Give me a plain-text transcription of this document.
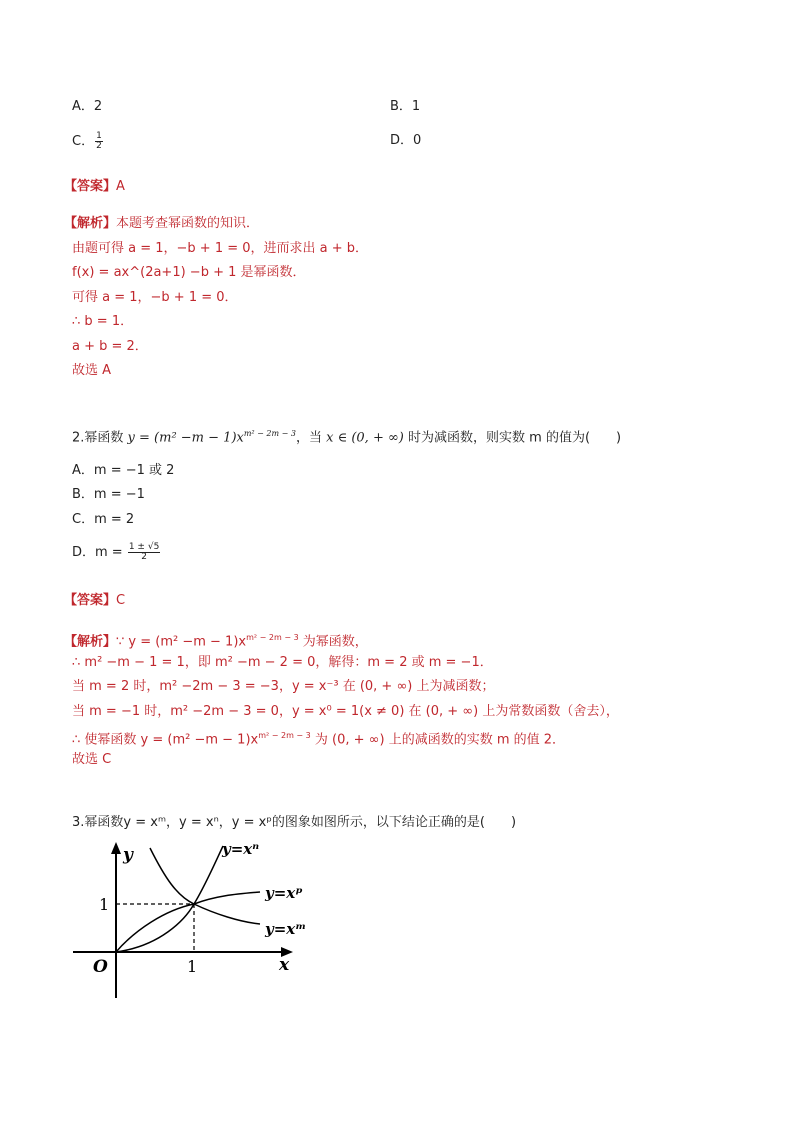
A．2	B．1
C． $\frac{1}{2}$	D．0
【答案】A
【解析】本题考查幂函数的知识．
由题可得 a = 1，−b + 1 = 0，进而求出 a + b．
f(x) = ax^(2a+1) −b + 1 是幂函数．
可得 a = 1，−b + 1 = 0．
∴ b = 1．
a + b = 2．
故选 A
2.幂函数 $y = (m^2 -m - 1)x^{m^2 - 2m - 3}$，当 x ∈ (0, + ∞) 时为减函数，则实数 m 的值为(　　)
A．m = −1 或 2
B．m = −1
C．m = 2
D．$m = \frac{1 \pm √5}{2}$
【答案】C
【解析】∵ $y = (m^2 -m - 1)x^{m^2 - 2m - 3}$ 为幂函数，
∴ m² −m − 1 = 1，即 m² −m − 2 = 0，解得：m = 2 或 m = −1．
当 m = 2 时，m² −2m − 3 = −3，y = x⁻³ 在 (0, + ∞) 上为减函数；
当 m = −1 时，m² −2m − 3 = 0，y = x⁰ = 1(x ≠ 0) 在 (0, + ∞) 上为常数函数（舍去），
∴ 使幂函数 $y = (m^2 -m - 1)x^{m^2 - 2m - 3}$ 为 (0, + ∞) 上的减函数的实数 m 的值 2．
故选 C
3.幂函数y = xᵐ，y = xⁿ，y = xᵖ的图象如图所示，以下结论正确的是(　　)
y
x
O	1
1
y=xⁿ
y=xᵖ
y=xᵐ
